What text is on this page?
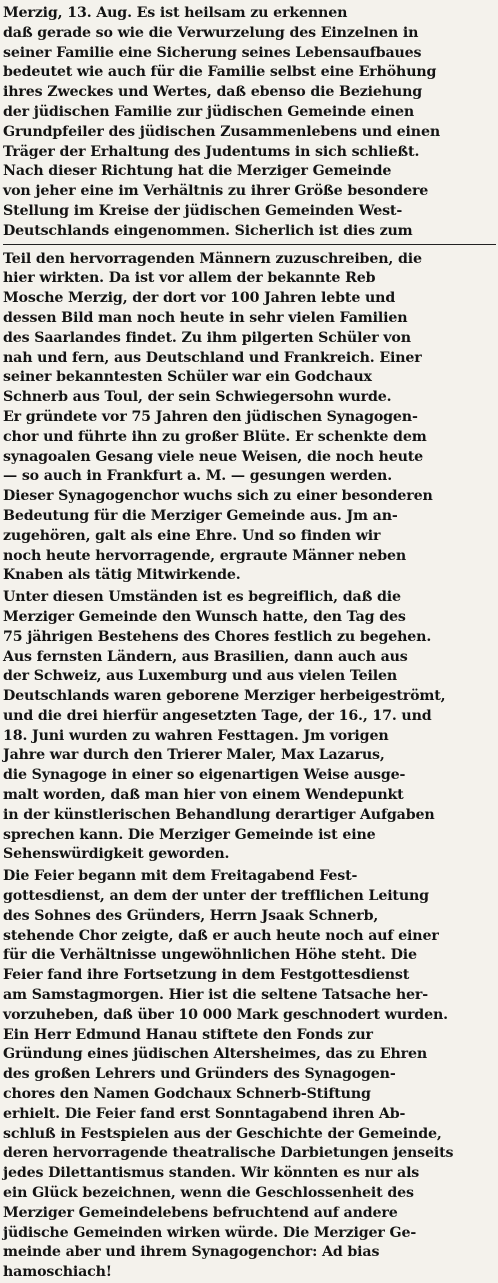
Merzig, 13. Aug. Es ist heilsam zu erkennen
daß gerade so wie die Verwurzelung des Einzelnen in
seiner Familie eine Sicherung seines Lebensaufbaues
bedeutet wie auch für die Familie selbst eine Erhöhung
ihres Zweckes und Wertes, daß ebenso die Beziehung
der jüdischen Familie zur jüdischen Gemeinde einen
Grundpfeiler des jüdischen Zusammenlebens und einen
Träger der Erhaltung des Judentums in sich schließt.
Nach dieser Richtung hat die Merziger Gemeinde
von jeher eine im Verhältnis zu ihrer Größe besondere
Stellung im Kreise der jüdischen Gemeinden West-
Deutschlands eingenommen. Sicherlich ist dies zum
Teil den hervorragenden Männern zuzuschreiben, die
hier wirkten. Da ist vor allem der bekannte Reb
Mosche Merzig, der dort vor 100 Jahren lebte und
dessen Bild man noch heute in sehr vielen Familien
des Saarlandes findet. Zu ihm pilgerten Schüler von
nah und fern, aus Deutschland und Frankreich. Einer
seiner bekanntesten Schüler war ein Godchaux
Schnerb aus Toul, der sein Schwiegersohn wurde.
Er gründete vor 75 Jahren den jüdischen Synagogen-
chor und führte ihn zu großer Blüte. Er schenkte dem
synagoalen Gesang viele neue Weisen, die noch heute
— so auch in Frankfurt a. M. — gesungen werden.
Dieser Synagogenchor wuchs sich zu einer besonderen
Bedeutung für die Merziger Gemeinde aus. Jm an-
zugehören, galt als eine Ehre. Und so finden wir
noch heute hervorragende, ergraute Männer neben
Knaben als tätig Mitwirkende.
Unter diesen Umständen ist es begreiflich, daß die
Merziger Gemeinde den Wunsch hatte, den Tag des
75 jährigen Bestehens des Chores festlich zu begehen.
Aus fernsten Ländern, aus Brasilien, dann auch aus
der Schweiz, aus Luxemburg und aus vielen Teilen
Deutschlands waren geborene Merziger herbeigeströmt,
und die drei hierfür angesetzten Tage, der 16., 17. und
18. Juni wurden zu wahren Festtagen. Jm vorigen
Jahre war durch den Trierer Maler, Max Lazarus,
die Synagoge in einer so eigenartigen Weise ausge-
malt worden, daß man hier von einem Wendepunkt
in der künstlerischen Behandlung derartiger Aufgaben
sprechen kann. Die Merziger Gemeinde ist eine
Sehenswürdigkeit geworden.
Die Feier begann mit dem Freitagabend Fest-
gottesdienst, an dem der unter der trefflichen Leitung
des Sohnes des Gründers, Herrn Jsaak Schnerb,
stehende Chor zeigte, daß er auch heute noch auf einer
für die Verhältnisse ungewöhnlichen Höhe steht. Die
Feier fand ihre Fortsetzung in dem Festgottesdienst
am Samstagmorgen. Hier ist die seltene Tatsache her-
vorzuheben, daß über 10 000 Mark geschnodert wurden.
Ein Herr Edmund Hanau stiftete den Fonds zur
Gründung eines jüdischen Altersheimes, das zu Ehren
des großen Lehrers und Gründers des Synagogen-
chores den Namen Godchaux Schnerb-Stiftung
erhielt. Die Feier fand erst Sonntagabend ihren Ab-
schluß in Festspielen aus der Geschichte der Gemeinde,
deren hervorragende theatralische Darbietungen jenseits
jedes Dilettantismus standen. Wir könnten es nur als
ein Glück bezeichnen, wenn die Geschlossenheit des
Merziger Gemeindelebens befruchtend auf andere
jüdische Gemeinden wirken würde. Die Merziger Ge-
meinde aber und ihrem Synagogenchor: Ad bias
hamoschiach!
